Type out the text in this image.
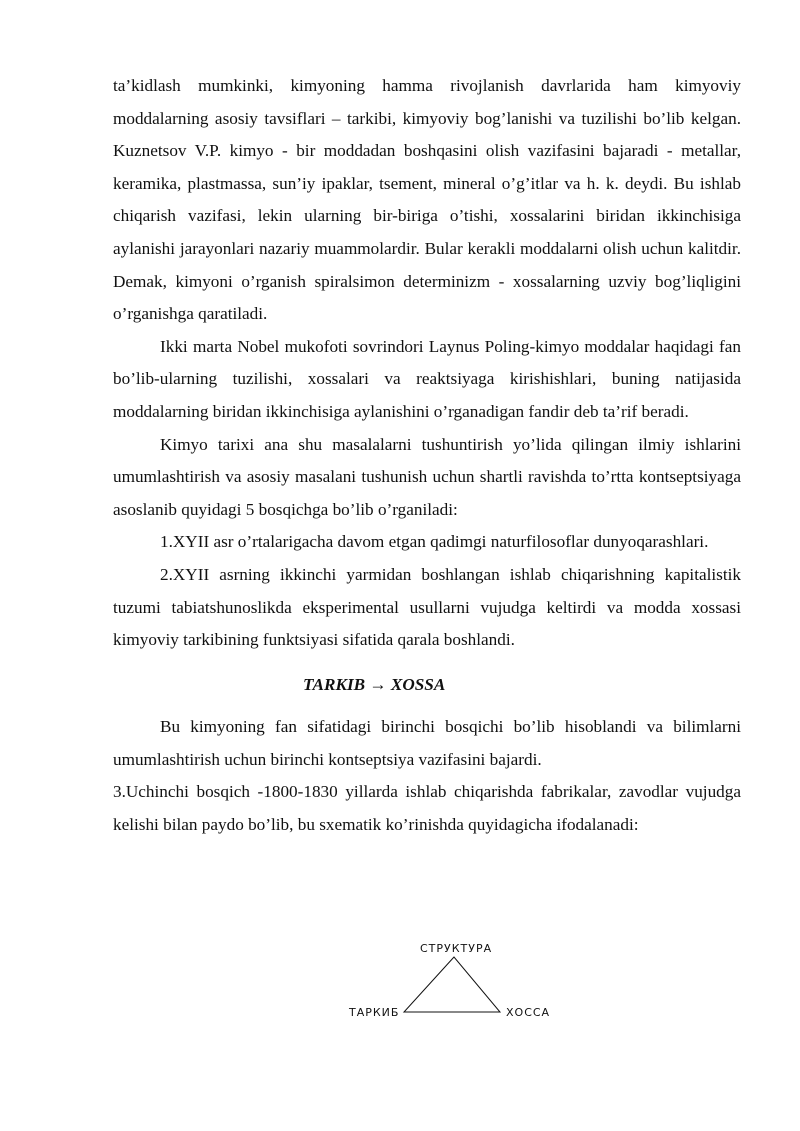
ta’kidlash mumkinki, kimyoning hamma rivojlanish davrlarida ham kimyoviy moddalarning asosiy tavsiflari – tarkibi, kimyoviy bog’lanishi va tuzilishi bo’lib kelgan. Kuznetsov V.P. kimyo - bir moddadan boshqasini olish vazifasini bajaradi - metallar, keramika, plastmassa, sun’iy ipaklar, tsement, mineral o’g’itlar va h. k. deydi. Bu ishlab chiqarish vazifasi, lekin ularning bir-biriga o’tishi, xossalarini biridan ikkinchisiga aylanishi jarayonlari nazariy muammolardir. Bular kerakli moddalarni olish uchun kalitdir. Demak, kimyoni o’rganish spiralsimon determinizm - xossalarning uzviy bog’liqligini o’rganishga qaratiladi.

Ikki marta Nobel mukofoti sovrindori Laynus Poling-kimyo moddalar haqidagi fan bo’lib-ularning tuzilishi, xossalari va reaktsiyaga kirishishlari, buning natijasida moddalarning biridan ikkinchisiga aylanishini o’rganadigan fandir deb ta’rif beradi.

Kimyo tarixi ana shu masalalarni tushuntirish yo’lida qilingan ilmiy ishlarini umumlashtirish va asosiy masalani tushunish uchun shartli ravishda to’rtta kontseptsiyaga asoslanib quyidagi 5 bosqichga bo’lib o’rganiladi:

1.XYII asr o’rtalarigacha davom etgan qadimgi naturfilosoflar dunyoqarashlari.

2.XYII asrning ikkinchi yarmidan boshlangan ishlab chiqarishning kapitalistik tuzumi tabiatshunoslikda eksperimental usullarni vujudga keltirdi va modda xossasi kimyoviy tarkibining funktsiyasi sifatida qarala boshlandi.

TARKIB → XOSSA

Bu kimyoning fan sifatidagi birinchi bosqichi bo’lib hisoblandi va bilimlarni umumlashtirish uchun birinchi kontseptsiya vazifasini bajardi.

3.Uchinchi bosqich -1800-1830 yillarda ishlab chiqarishda fabrikalar, zavodlar vujudga kelishi bilan paydo bo’lib, bu sxematik ko’rinishda quyidagicha ifodalanadi:

СТРУКТУРА
ТАРКИБ	ХОССА
